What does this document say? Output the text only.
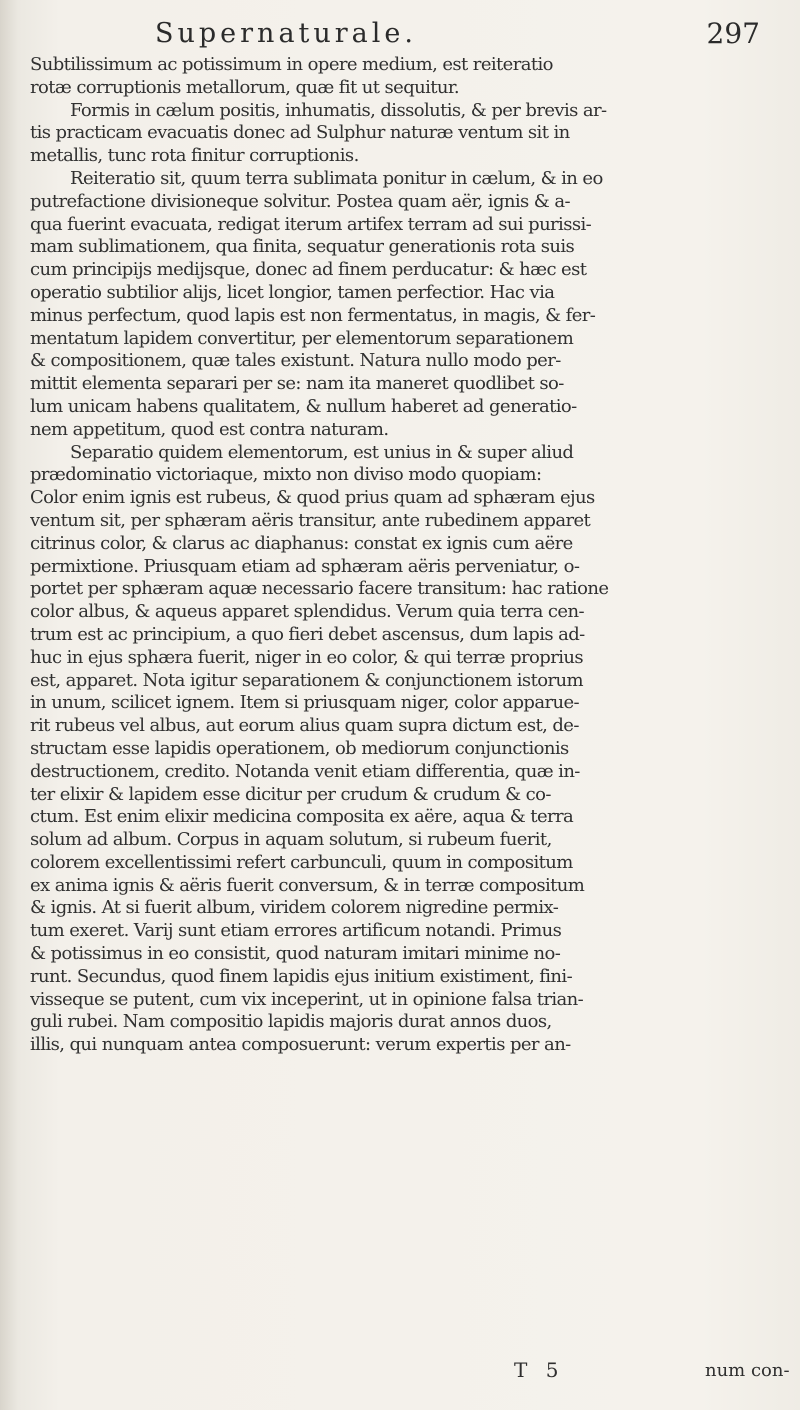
Supernaturale.	297
Subtilissimum ac potissimum in opere medium, est reiteratio
rotæ corruptionis metallorum, quæ fit ut sequitur.
Formis in cælum positis, inhumatis, dissolutis, & per brevis ar-
tis practicam evacuatis donec ad Sulphur naturæ ventum sit in
metallis, tunc rota finitur corruptionis.
Reiteratio sit, quum terra sublimata ponitur in cælum, & in eo
putrefactione divisioneque solvitur. Postea quam aër, ignis & a-
qua fuerint evacuata, redigat iterum artifex terram ad sui purissi-
mam sublimationem, qua finita, sequatur generationis rota suis
cum principijs medijsque, donec ad finem perducatur: & hæc est
operatio subtilior alijs, licet longior, tamen perfectior. Hac via
minus perfectum, quod lapis est non fermentatus, in magis, & fer-
mentatum lapidem convertitur, per elementorum separationem
& compositionem, quæ tales existunt. Natura nullo modo per-
mittit elementa separari per se: nam ita maneret quodlibet so-
lum unicam habens qualitatem, & nullum haberet ad generatio-
nem appetitum, quod est contra naturam.
Separatio quidem elementorum, est unius in & super aliud
prædominatio victoriaque, mixto non diviso modo quopiam:
Color enim ignis est rubeus, & quod prius quam ad sphæram ejus
ventum sit, per sphæram aëris transitur, ante rubedinem apparet
citrinus color, & clarus ac diaphanus: constat ex ignis cum aëre
permixtione. Priusquam etiam ad sphæram aëris perveniatur, o-
portet per sphæram aquæ necessario facere transitum: hac ratione
color albus, & aqueus apparet splendidus. Verum quia terra cen-
trum est ac principium, a quo fieri debet ascensus, dum lapis ad-
huc in ejus sphæra fuerit, niger in eo color, & qui terræ proprius
est, apparet. Nota igitur separationem & conjunctionem istorum
in unum, scilicet ignem. Item si priusquam niger, color apparue-
rit rubeus vel albus, aut eorum alius quam supra dictum est, de-
structam esse lapidis operationem, ob mediorum conjunctionis
destructionem, credito. Notanda venit etiam differentia, quæ in-
ter elixir & lapidem esse dicitur per crudum & crudum & co-
ctum. Est enim elixir medicina composita ex aëre, aqua & terra
solum ad album. Corpus in aquam solutum, si rubeum fuerit,
colorem excellentissimi refert carbunculi, quum in compositum
ex anima ignis & aëris fuerit conversum, & in terræ compositum
& ignis. At si fuerit album, viridem colorem nigredine permix-
tum exeret. Varij sunt etiam errores artificum notandi. Primus
& potissimus in eo consistit, quod naturam imitari minime no-
runt. Secundus, quod finem lapidis ejus initium existiment, fini-
visseque se putent, cum vix inceperint, ut in opinione falsa trian-
guli rubei. Nam compositio lapidis majoris durat annos duos,
illis, qui nunquam antea composuerunt: verum expertis per an-
T 5	num con-
